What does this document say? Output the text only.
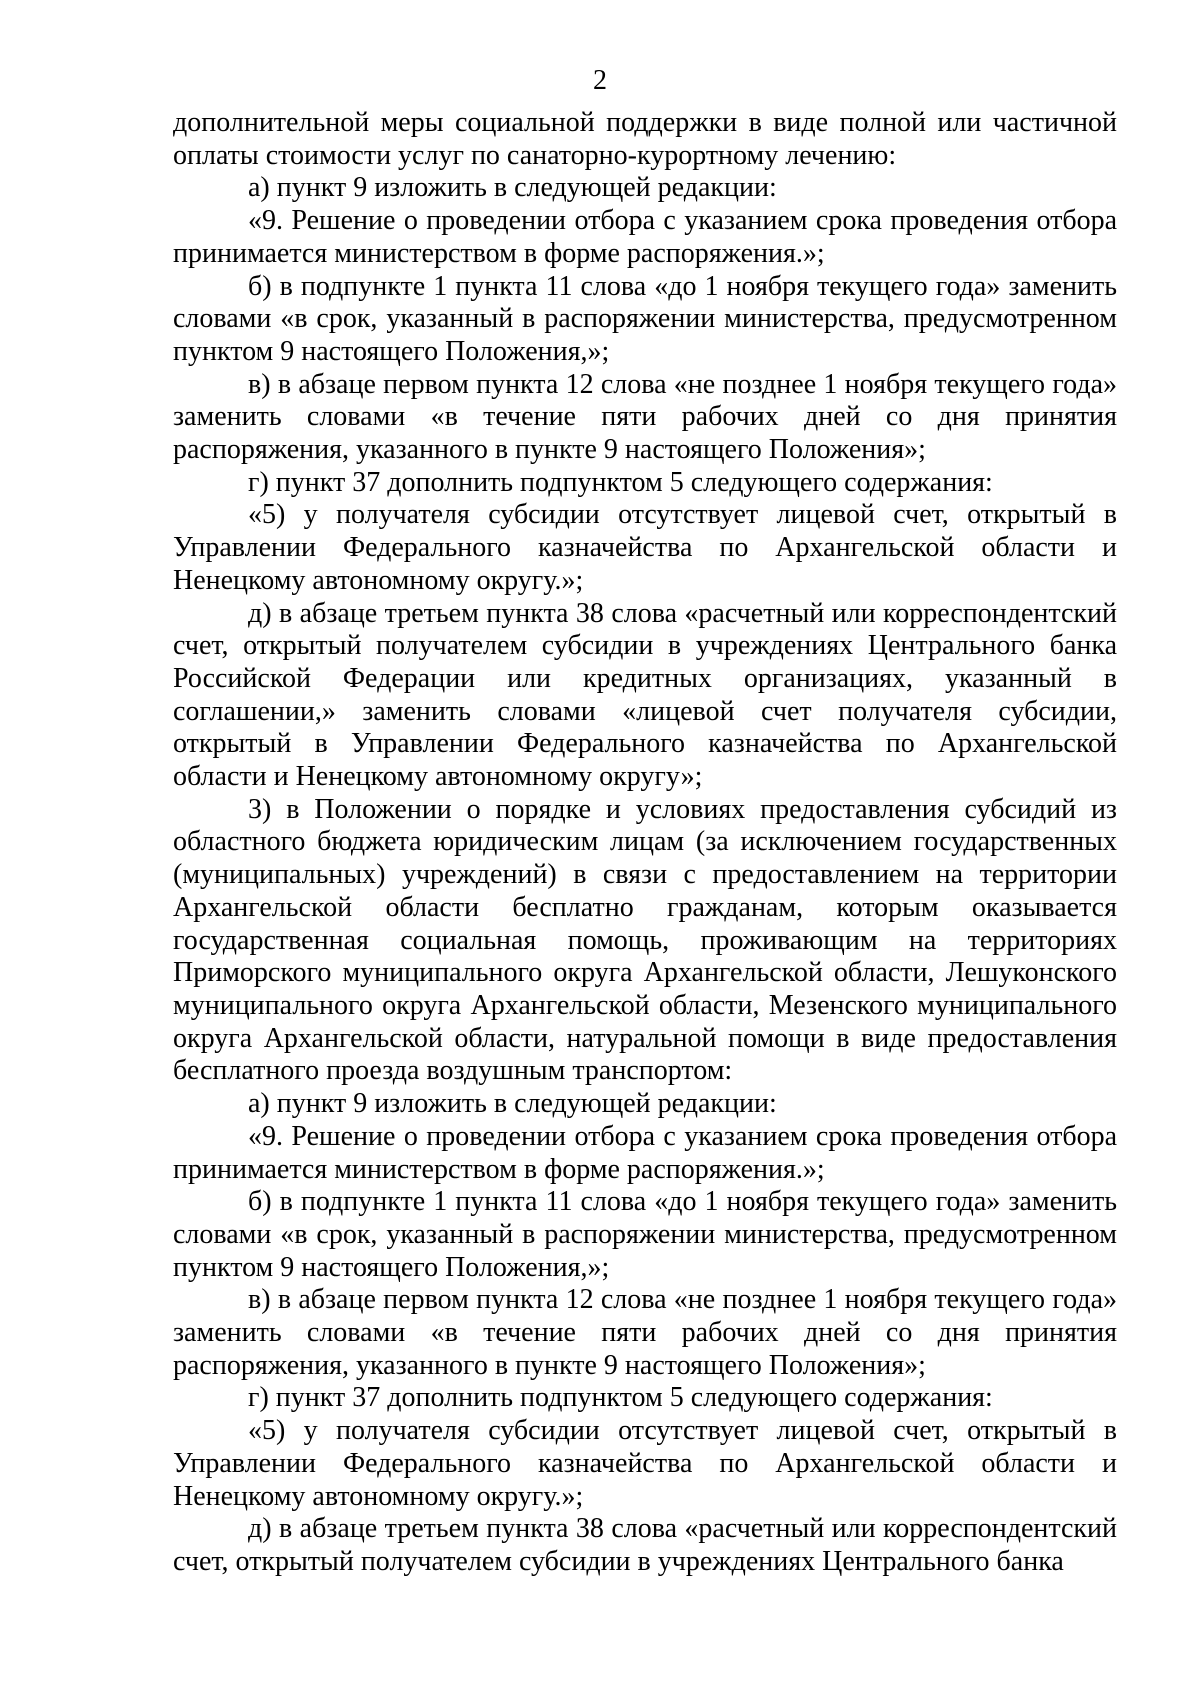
2

дополнительной меры социальной поддержки в виде полной или частичной оплаты стоимости услуг по санаторно-курортному лечению:

а) пункт 9 изложить в следующей редакции:

«9. Решение о проведении отбора с указанием срока проведения отбора принимается министерством в форме распоряжения.»;

б) в подпункте 1 пункта 11 слова «до 1 ноября текущего года» заменить словами «в срок, указанный в распоряжении министерства, предусмотренном пунктом 9 настоящего Положения,»;

в) в абзаце первом пункта 12 слова «не позднее 1 ноября текущего года» заменить словами «в течение пяти рабочих дней со дня принятия распоряжения, указанного в пункте 9 настоящего Положения»;

г) пункт 37 дополнить подпунктом 5 следующего содержания:

«5) у получателя субсидии отсутствует лицевой счет, открытый в Управлении Федерального казначейства по Архангельской области и Ненецкому автономному округу.»;

д) в абзаце третьем пункта 38 слова «расчетный или корреспондентский счет, открытый получателем субсидии в учреждениях Центрального банка Российской Федерации или кредитных организациях, указанный в соглашении,» заменить словами «лицевой счет получателя субсидии, открытый в Управлении Федерального казначейства по Архангельской области и Ненецкому автономному округу»;

3) в Положении о порядке и условиях предоставления субсидий из областного бюджета юридическим лицам (за исключением государственных (муниципальных) учреждений) в связи с предоставлением на территории Архангельской области бесплатно гражданам, которым оказывается государственная социальная помощь, проживающим на территориях Приморского муниципального округа Архангельской области, Лешуконского муниципального округа Архангельской области, Мезенского муниципального округа Архангельской области, натуральной помощи в виде предоставления бесплатного проезда воздушным транспортом:

а) пункт 9 изложить в следующей редакции:

«9. Решение о проведении отбора с указанием срока проведения отбора принимается министерством в форме распоряжения.»;

б) в подпункте 1 пункта 11 слова «до 1 ноября текущего года» заменить словами «в срок, указанный в распоряжении министерства, предусмотренном пунктом 9 настоящего Положения,»;

в) в абзаце первом пункта 12 слова «не позднее 1 ноября текущего года» заменить словами «в течение пяти рабочих дней со дня принятия распоряжения, указанного в пункте 9 настоящего Положения»;

г) пункт 37 дополнить подпунктом 5 следующего содержания:

«5) у получателя субсидии отсутствует лицевой счет, открытый в Управлении Федерального казначейства по Архангельской области и Ненецкому автономному округу.»;

д) в абзаце третьем пункта 38 слова «расчетный или корреспондентский счет, открытый получателем субсидии в учреждениях Центрального банка
